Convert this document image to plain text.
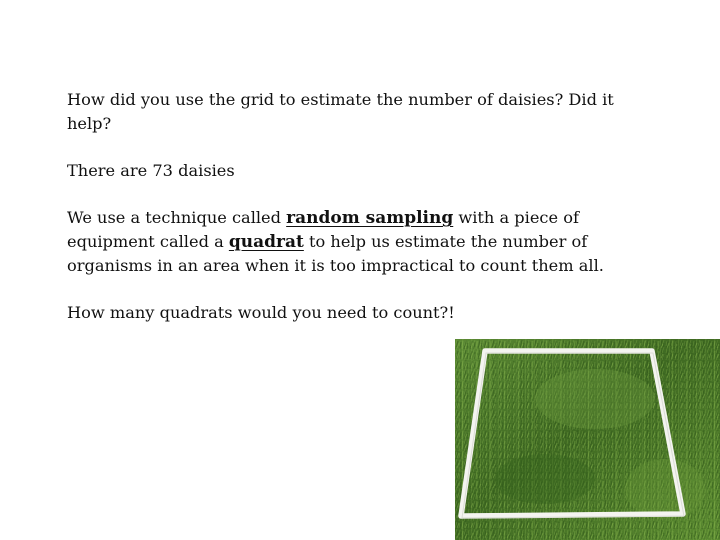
How did you use the grid to estimate the number of daisies? Did it help?

There are 73 daisies

We use a technique called random sampling with a piece of equipment called a quadrat to help us estimate the number of organisms in an area when it is too impractical to count them all.

How many quadrats would you need to count?!
